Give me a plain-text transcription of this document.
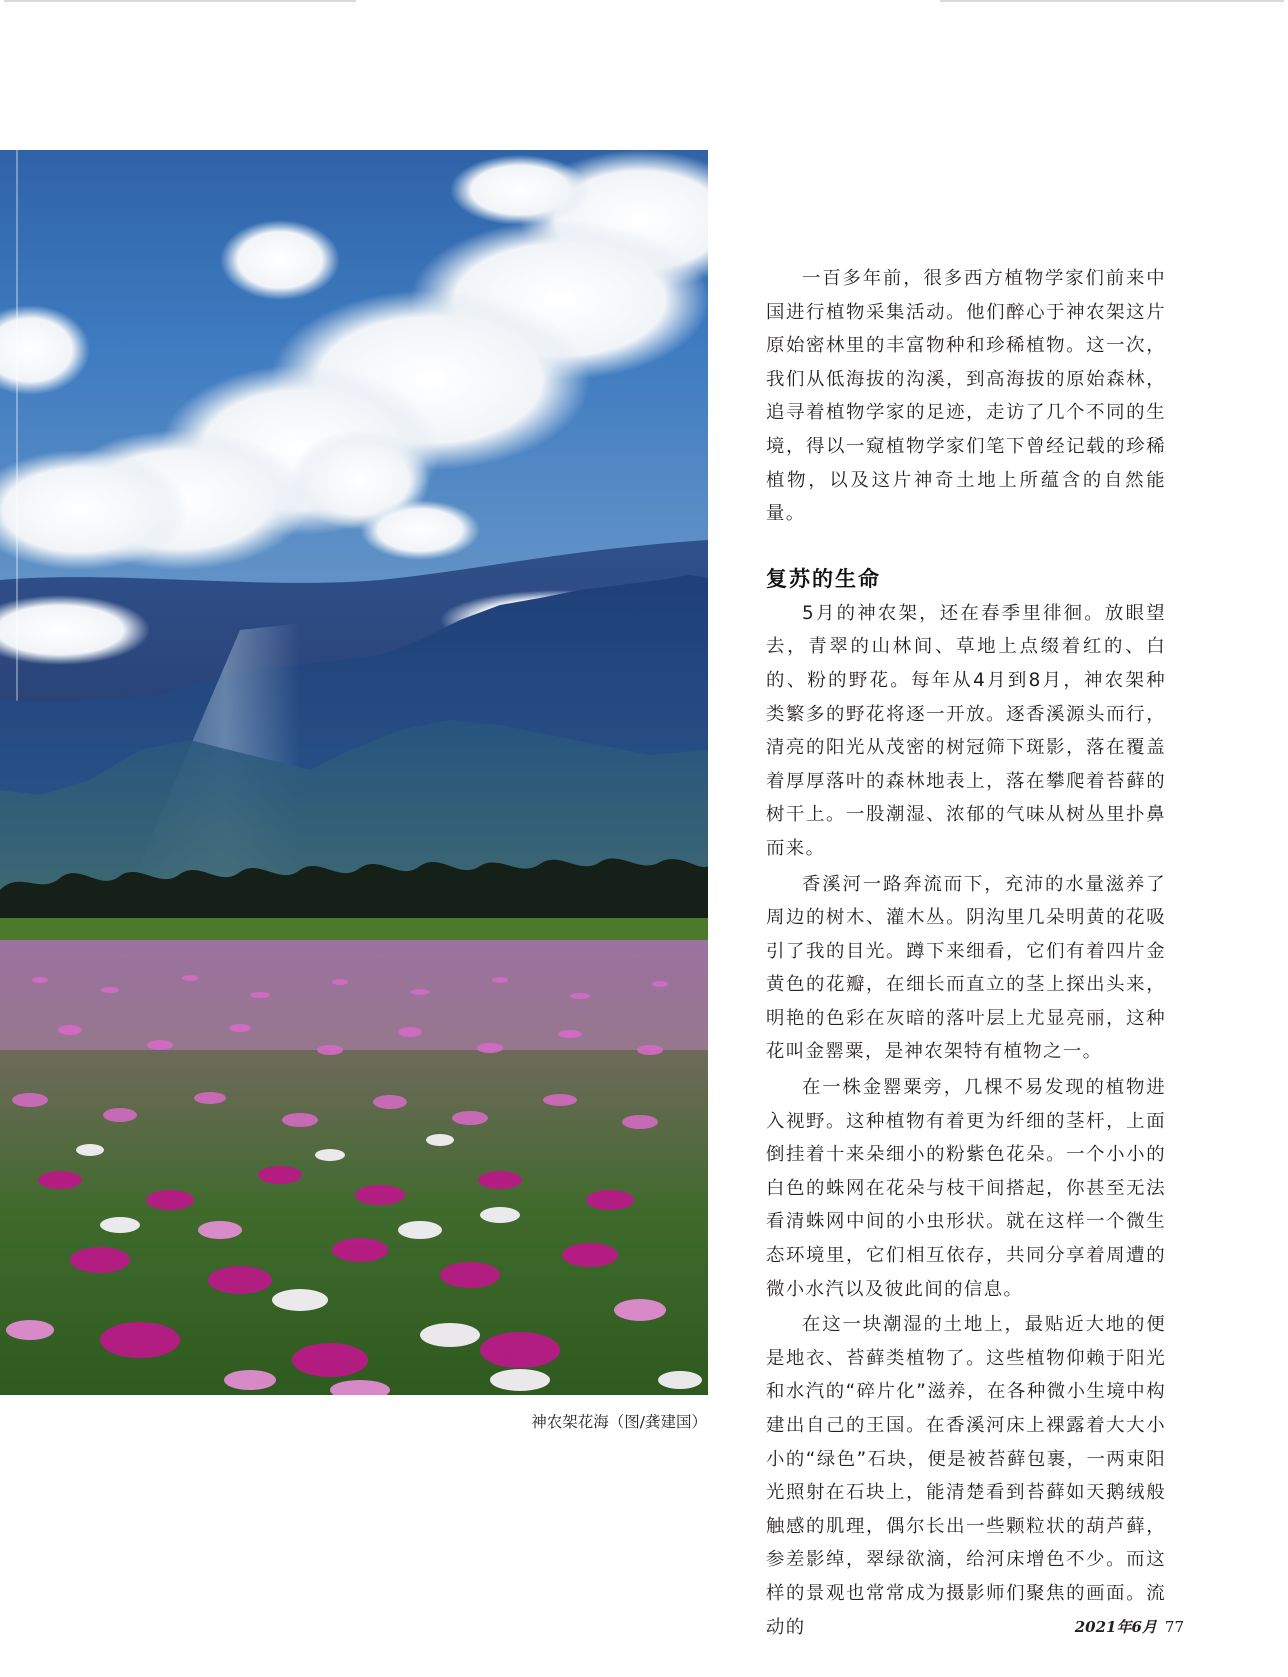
神农架花海（图/龚建国）

一百多年前，很多西方植物学家们前来中国进行植物采集活动。他们醉心于神农架这片原始密林里的丰富物种和珍稀植物。这一次，我们从低海拔的沟溪，到高海拔的原始森林，追寻着植物学家的足迹，走访了几个不同的生境，得以一窥植物学家们笔下曾经记载的珍稀植物，以及这片神奇土地上所蕴含的自然能量。

复苏的生命

5月的神农架，还在春季里徘徊。放眼望去，青翠的山林间、草地上点缀着红的、白的、粉的野花。每年从4月到8月，神农架种类繁多的野花将逐一开放。逐香溪源头而行，清亮的阳光从茂密的树冠筛下斑影，落在覆盖着厚厚落叶的森林地表上，落在攀爬着苔藓的树干上。一股潮湿、浓郁的气味从树丛里扑鼻而来。

香溪河一路奔流而下，充沛的水量滋养了周边的树木、灌木丛。阴沟里几朵明黄的花吸引了我的目光。蹲下来细看，它们有着四片金黄色的花瓣，在细长而直立的茎上探出头来，明艳的色彩在灰暗的落叶层上尤显亮丽，这种花叫金罂粟，是神农架特有植物之一。

在一株金罂粟旁，几棵不易发现的植物进入视野。这种植物有着更为纤细的茎杆，上面倒挂着十来朵细小的粉紫色花朵。一个小小的白色的蛛网在花朵与枝干间搭起，你甚至无法看清蛛网中间的小虫形状。就在这样一个微生态环境里，它们相互依存，共同分享着周遭的微小水汽以及彼此间的信息。

在这一块潮湿的土地上，最贴近大地的便是地衣、苔藓类植物了。这些植物仰赖于阳光和水汽的“碎片化”滋养，在各种微小生境中构建出自己的王国。在香溪河床上裸露着大大小小的“绿色”石块，便是被苔藓包裹，一两束阳光照射在石块上，能清楚看到苔藓如天鹅绒般触感的肌理，偶尔长出一些颗粒状的葫芦藓，参差影绰，翠绿欲滴，给河床增色不少。而这样的景观也常常成为摄影师们聚焦的画面。流动的	2021年6月 77
